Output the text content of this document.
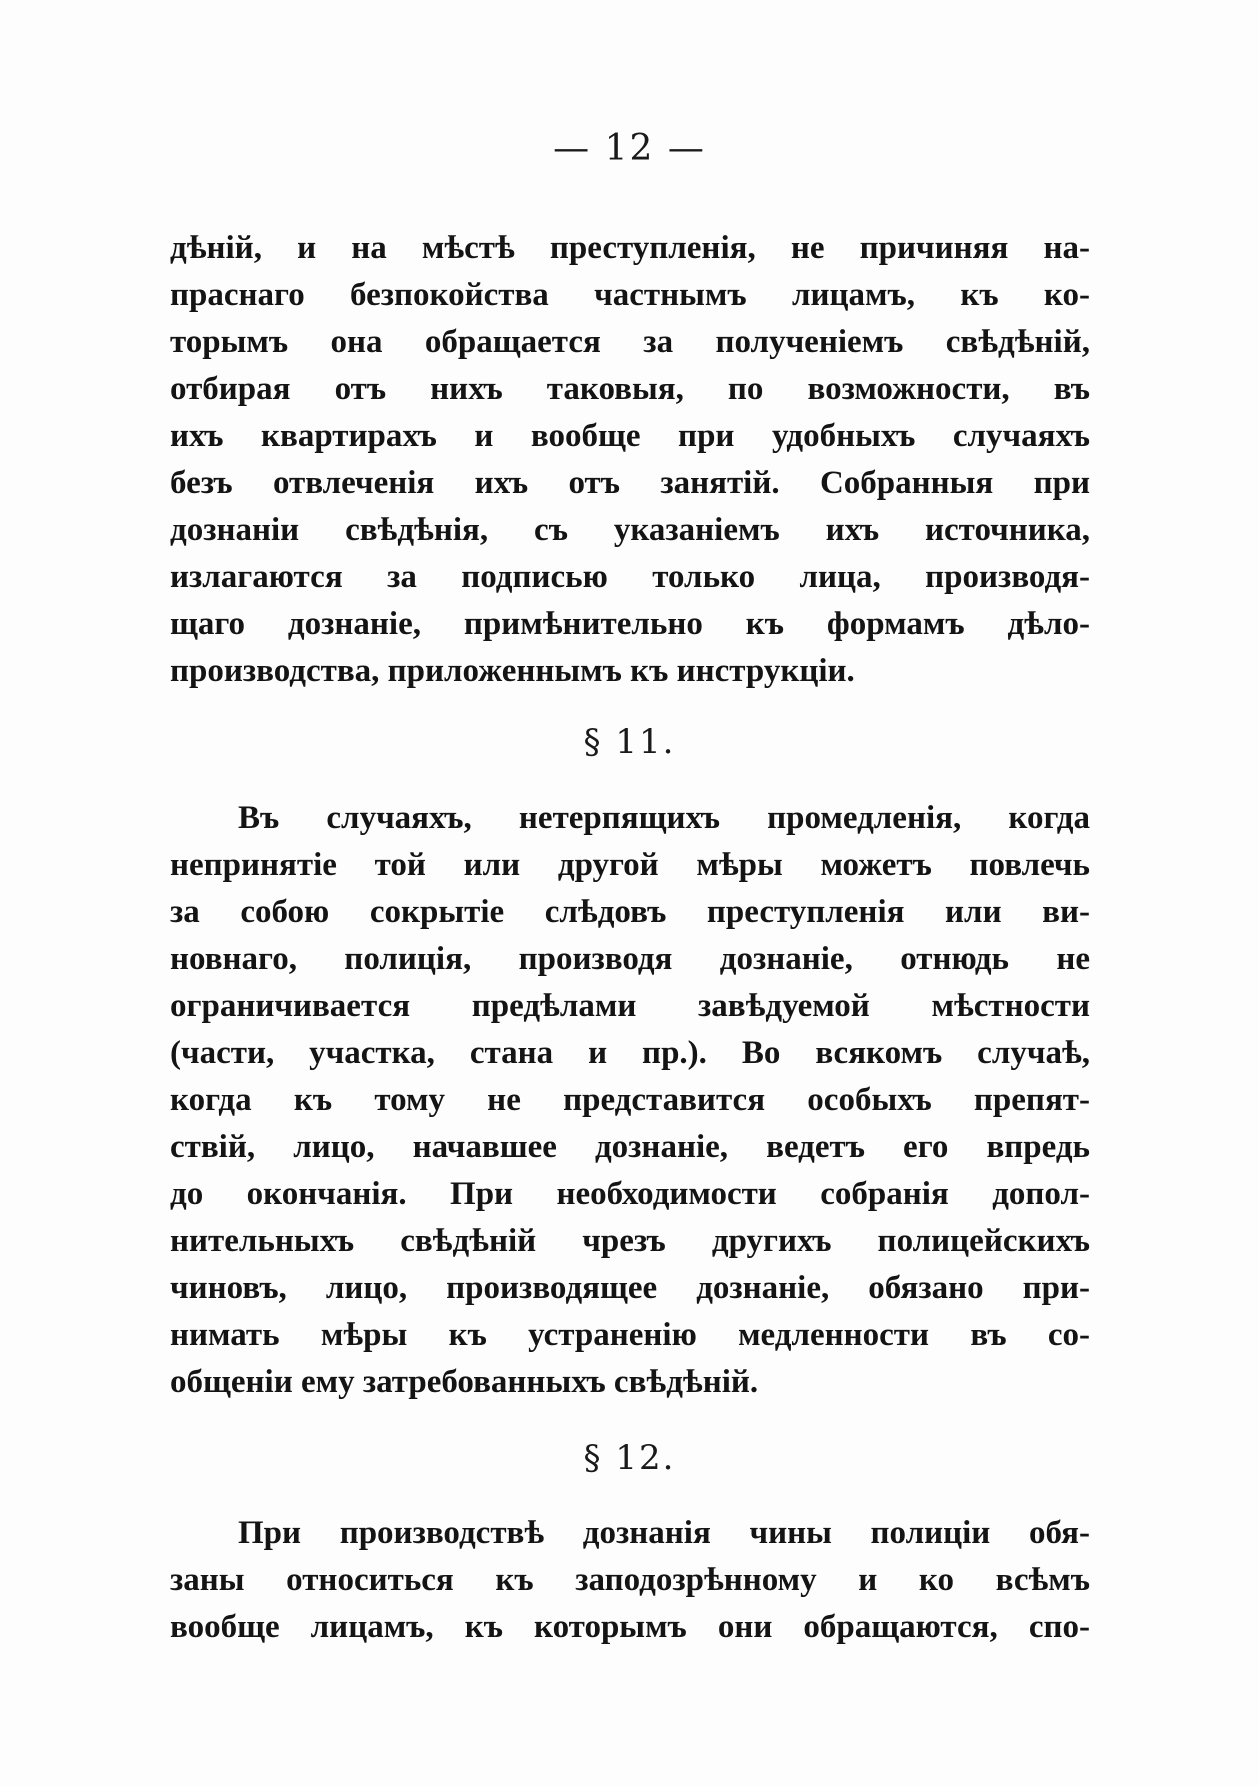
— 12 —
дѣній, и на мѣстѣ преступленія, не причиняя на-
праснаго безпокойства частнымъ лицамъ, къ ко-
торымъ она обращается за полученіемъ свѣдѣній,
отбирая отъ нихъ таковыя, по возможности, въ
ихъ квартирахъ и вообще при удобныхъ случаяхъ
безъ отвлеченія ихъ отъ занятій. Собранныя при
дознаніи свѣдѣнія, съ указаніемъ ихъ источника,
излагаются за подписью только лица, производя-
щаго дознаніе, примѣнительно къ формамъ дѣло-
производства, приложеннымъ къ инструкціи.
§ 11.
Въ случаяхъ, нетерпящихъ промедленія, когда
непринятіе той или другой мѣры можетъ повлечь
за собою сокрытіе слѣдовъ преступленія или ви-
новнаго, полиція, производя дознаніе, отнюдь не
ограничивается предѣлами завѣдуемой мѣстности
(части, участка, стана и пр.). Во всякомъ случаѣ,
когда къ тому не представится особыхъ препят-
ствій, лицо, начавшее дознаніе, ведетъ его впредь
до окончанія. При необходимости собранія допол-
нительныхъ свѣдѣній чрезъ другихъ полицейскихъ
чиновъ, лицо, производящее дознаніе, обязано при-
нимать мѣры къ устраненію медленности въ со-
общеніи ему затребованныхъ свѣдѣній.
§ 12.
При производствѣ дознанія чины полиціи обя-
заны относиться къ заподозрѣнному и ко всѣмъ
вообще лицамъ, къ которымъ они обращаются, спо-
